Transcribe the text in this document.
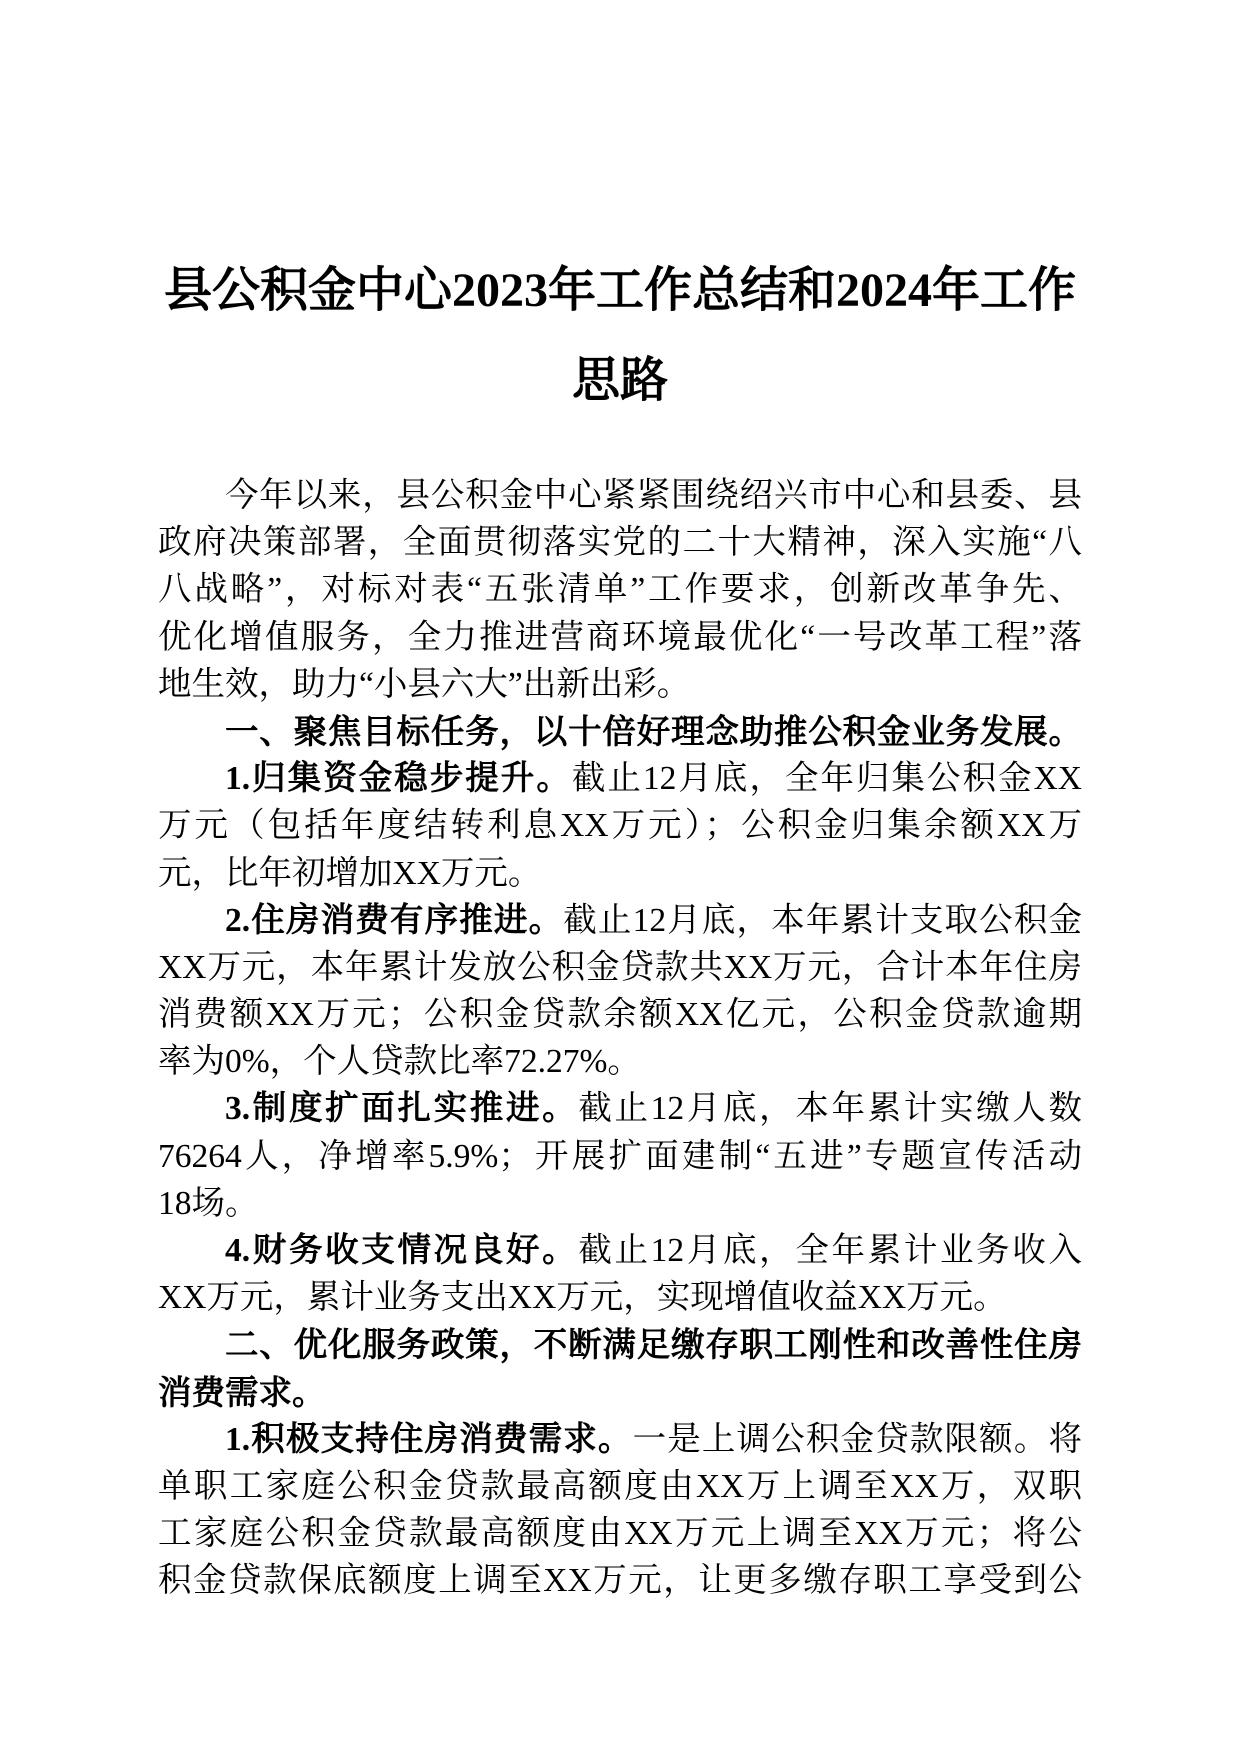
县公积金中心2023年工作总结和2024年工作
思路
今年以来，县公积金中心紧紧围绕绍兴市中心和县委、县
政府决策部署，全面贯彻落实党的二十大精神，深入实施“八
八战略”，对标对表“五张清单”工作要求，创新改革争先、
优化增值服务，全力推进营商环境最优化“一号改革工程”落
地生效，助力“小县六大”出新出彩。
一、聚焦目标任务，以十倍好理念助推公积金业务发展。
1.归集资金稳步提升。截止12月底，全年归集公积金XX
万元（包括年度结转利息XX万元）；公积金归集余额XX万
元，比年初增加XX万元。
2.住房消费有序推进。截止12月底，本年累计支取公积金
XX万元，本年累计发放公积金贷款共XX万元，合计本年住房
消费额XX万元；公积金贷款余额XX亿元，公积金贷款逾期
率为0%，个人贷款比率72.27%。
3.制度扩面扎实推进。截止12月底，本年累计实缴人数
76264人，净增率5.9%；开展扩面建制“五进”专题宣传活动
18场。
4.财务收支情况良好。截止12月底，全年累计业务收入
XX万元，累计业务支出XX万元，实现增值收益XX万元。
二、优化服务政策，不断满足缴存职工刚性和改善性住房
消费需求。
1.积极支持住房消费需求。一是上调公积金贷款限额。将
单职工家庭公积金贷款最高额度由XX万上调至XX万，双职
工家庭公积金贷款最高额度由XX万元上调至XX万元；将公
积金贷款保底额度上调至XX万元，让更多缴存职工享受到公
